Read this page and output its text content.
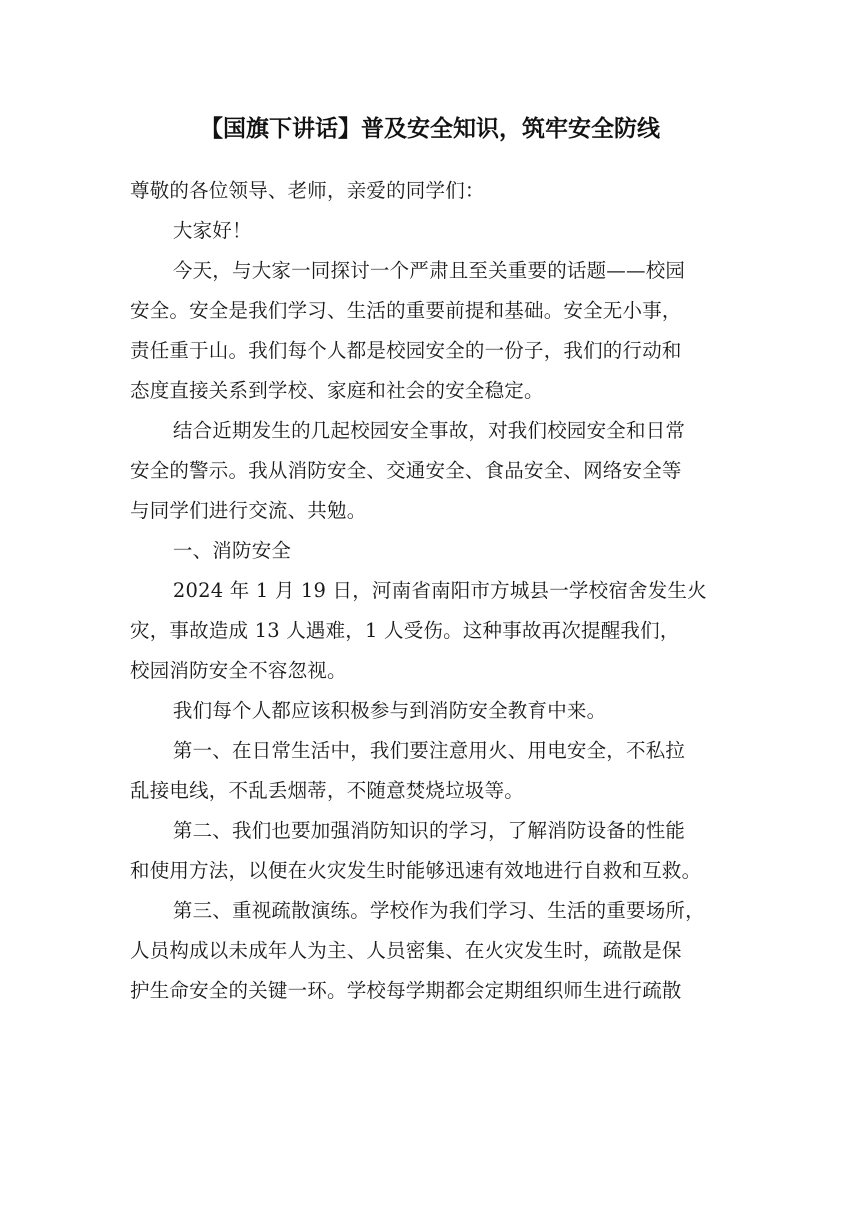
【国旗下讲话】普及安全知识，筑牢安全防线

尊敬的各位领导、老师，亲爱的同学们：

大家好！

今天，与大家一同探讨一个严肃且至关重要的话题——校园
安全。安全是我们学习、生活的重要前提和基础。安全无小事，
责任重于山。我们每个人都是校园安全的一份子，我们的行动和
态度直接关系到学校、家庭和社会的安全稳定。

结合近期发生的几起校园安全事故，对我们校园安全和日常
安全的警示。我从消防安全、交通安全、食品安全、网络安全等
与同学们进行交流、共勉。

一、消防安全

2024 年 1 月 19 日，河南省南阳市方城县一学校宿舍发生火
灾，事故造成 13 人遇难，1 人受伤。这种事故再次提醒我们，
校园消防安全不容忽视。

我们每个人都应该积极参与到消防安全教育中来。

第一、在日常生活中，我们要注意用火、用电安全，不私拉
乱接电线，不乱丢烟蒂，不随意焚烧垃圾等。

第二、我们也要加强消防知识的学习，了解消防设备的性能
和使用方法，以便在火灾发生时能够迅速有效地进行自救和互救。

第三、重视疏散演练。学校作为我们学习、生活的重要场所，
人员构成以未成年人为主、人员密集、在火灾发生时，疏散是保
护生命安全的关键一环。学校每学期都会定期组织师生进行疏散
